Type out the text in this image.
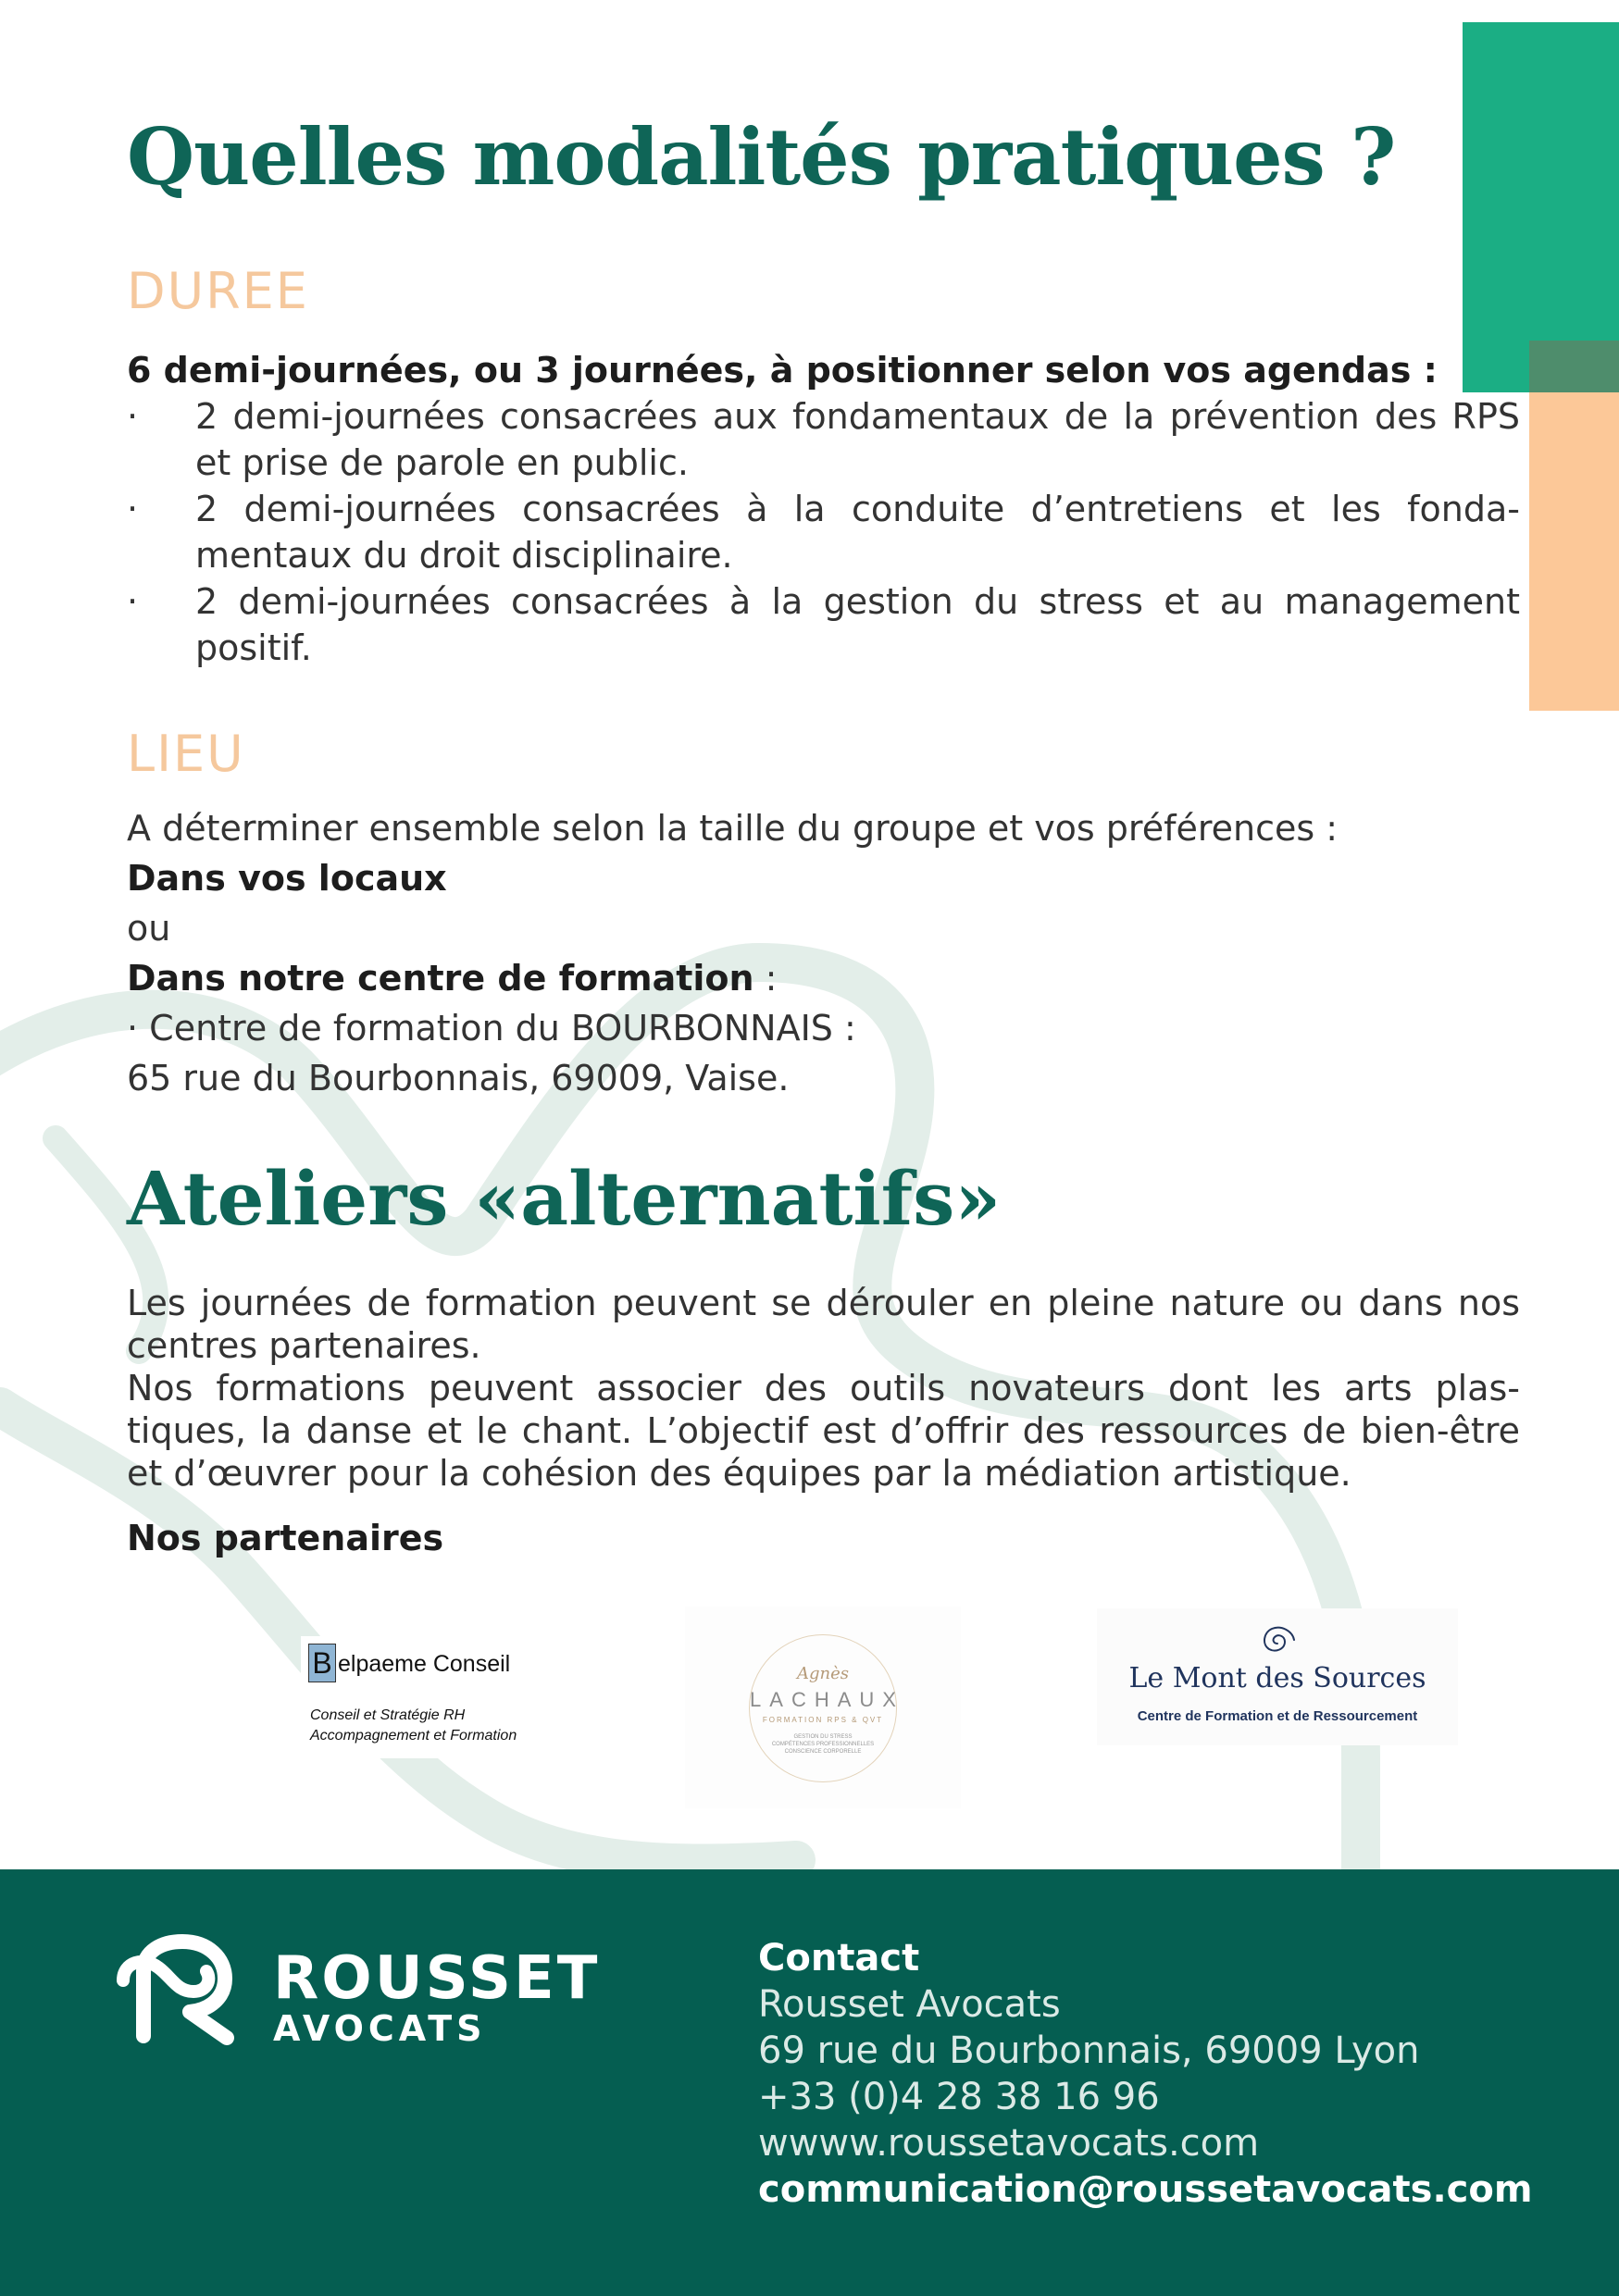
Quelles modalités pratiques ?
DUREE
6 demi-journées, ou 3 journées, à positionner selon vos agendas :
· 2 demi-journées consacrées aux fondamentaux de la prévention des RPS et prise de parole en public.
· 2 demi-journées consacrées à la conduite d’entretiens et les fonda-mentaux du droit disciplinaire.
· 2 demi-journées consacrées à la gestion du stress et au management positif.
LIEU
A déterminer ensemble selon la taille du groupe et vos préférences :
Dans vos locaux
ou
Dans notre centre de formation :
· Centre de formation du BOURBONNAIS :
65 rue du Bourbonnais, 69009, Vaise.
Ateliers «alternatifs»

Les journées de formation peuvent se dérouler en pleine nature ou dans nos centres partenaires.

Nos formations peuvent associer des outils novateurs dont les arts plas-tiques, la danse et le chant. L’objectif est d’offrir des ressources de bien-être et d’œuvrer pour la cohésion des équipes par la médiation artistique.

Nos partenaires
B elpaeme Conseil
Conseil et Stratégie RH
Accompagnement et Formation
Agnès
LACHAUX
FORMATION RPS & QVT
GESTION DU STRESS
COMPÉTENCES PROFESSIONNELLES
CONSCIENCE CORPORELLE
Le Mont des Sources
Centre de Formation et de Ressourcement
ROUSSET
AVOCATS
Contact
Rousset Avocats
69 rue du Bourbonnais, 69009 Lyon
+33 (0)4 28 38 16 96
wwww.roussetavocats.com
communication@roussetavocats.com
